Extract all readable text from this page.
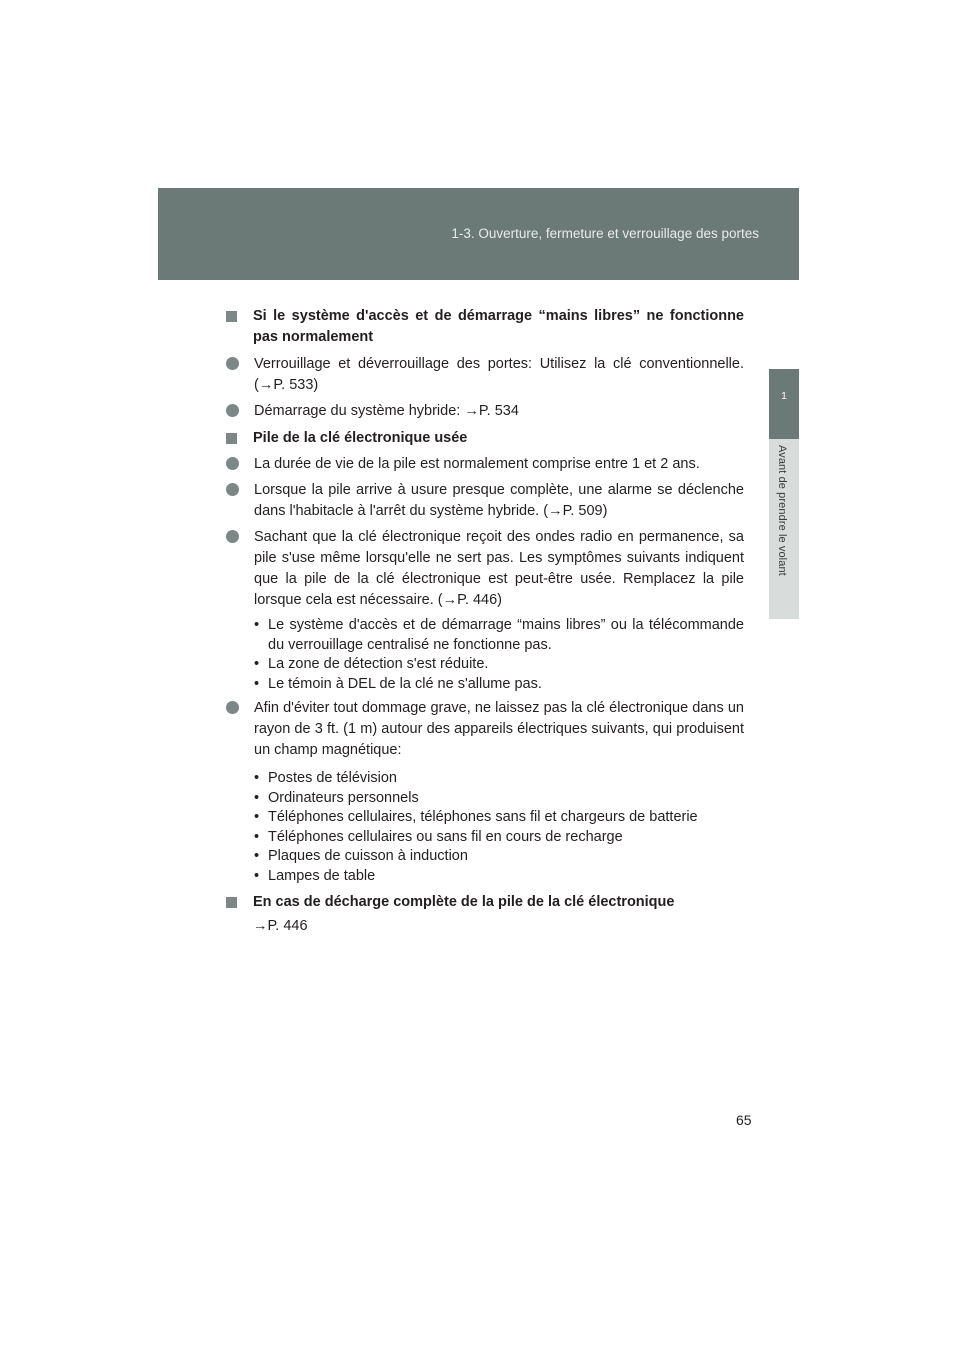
1-3. Ouverture, fermeture et verrouillage des portes
1
Avant de prendre le volant
Si le système d'accès et de démarrage “mains libres” ne fonctionne pas normalement
Verrouillage et déverrouillage des portes: Utilisez la clé conventionnelle. (→P. 533)
Démarrage du système hybride: →P. 534
Pile de la clé électronique usée
La durée de vie de la pile est normalement comprise entre 1 et 2 ans.
Lorsque la pile arrive à usure presque complète, une alarme se déclenche dans l'habitacle à l'arrêt du système hybride. (→P. 509)
Sachant que la clé électronique reçoit des ondes radio en permanence, sa pile s'use même lorsqu'elle ne sert pas. Les symptômes suivants indiquent que la pile de la clé électronique est peut-être usée. Remplacez la pile lorsque cela est nécessaire. (→P. 446)
• Le système d'accès et de démarrage “mains libres” ou la télécommande du verrouillage centralisé ne fonctionne pas.
• La zone de détection s'est réduite.
• Le témoin à DEL de la clé ne s'allume pas.
Afin d'éviter tout dommage grave, ne laissez pas la clé électronique dans un rayon de 3 ft. (1 m) autour des appareils électriques suivants, qui produisent un champ magnétique:
• Postes de télévision
• Ordinateurs personnels
• Téléphones cellulaires, téléphones sans fil et chargeurs de batterie
• Téléphones cellulaires ou sans fil en cours de recharge
• Plaques de cuisson à induction
• Lampes de table
En cas de décharge complète de la pile de la clé électronique
→P. 446
65
